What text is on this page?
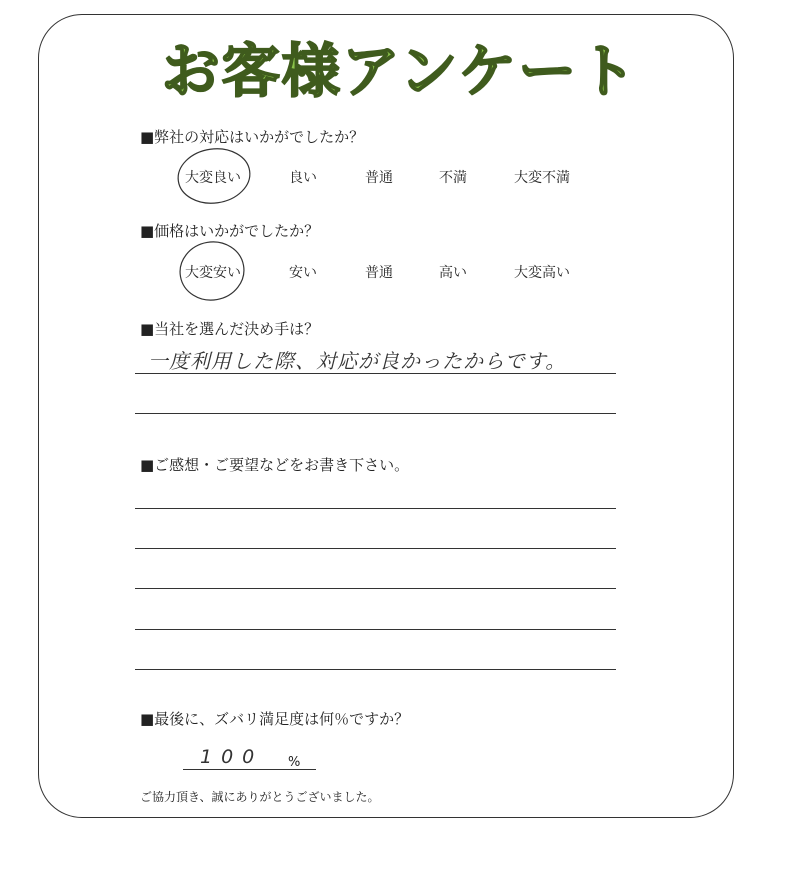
お客様アンケート
■弊社の対応はいかがでしたか？
大変良い	良い	普通	不満	大変不満
■価格はいかがでしたか？
大変安い	安い	普通	高い	大変高い
■当社を選んだ決め手は？
一度利用した際、対応が良かったからです。
■ご感想・ご要望などをお書き下さい。
■最後に、ズバリ満足度は何％ですか？
100 %
ご協力頂き、誠にありがとうございました。
